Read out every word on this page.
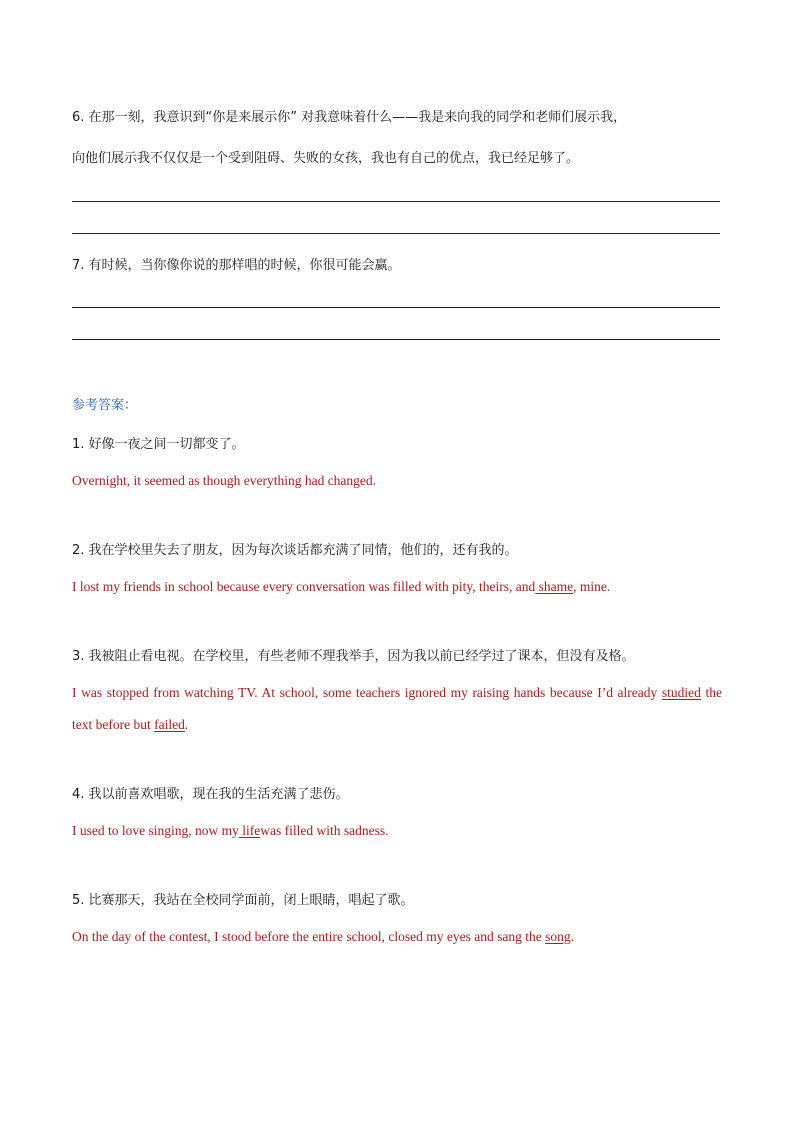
6. 在那一刻，我意识到“你是来展示你” 对我意味着什么——我是来向我的同学和老师们展示我，
向他们展示我不仅仅是一个受到阻碍、失败的女孩，我也有自己的优点，我已经足够了。
7. 有时候，当你像你说的那样唱的时候，你很可能会赢。
参考答案：
1. 好像一夜之间一切都变了。
Overnight, it seemed as though everything had changed.
2. 我在学校里失去了朋友，因为每次谈话都充满了同情，他们的，还有我的。
I lost my friends in school because every conversation was filled with pity, theirs, and shame, mine.
3. 我被阻止看电视。在学校里，有些老师不理我举手，因为我以前已经学过了课本，但没有及格。
I was stopped from watching TV. At school, some teachers ignored my raising hands because I’d already studied the text before but failed.
4. 我以前喜欢唱歌，现在我的生活充满了悲伤。
I used to love singing, now my lifewas filled with sadness.
5. 比赛那天，我站在全校同学面前，闭上眼睛，唱起了歌。
On the day of the contest, I stood before the entire school, closed my eyes and sang the song.
